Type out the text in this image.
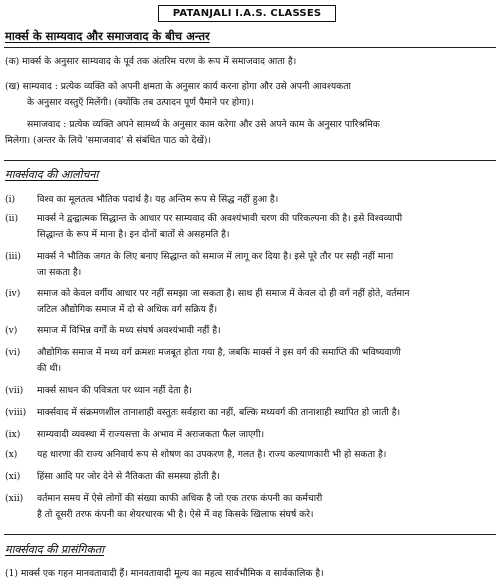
PATANJALI I.A.S. CLASSES
मार्क्स के साम्यवाद और समाजवाद के बीच अन्तर
(क) मार्क्स के अनुसार साम्यवाद के पूर्व तक अंतरिम चरण के रूप में समाजवाद आता है।
(ख) साम्यवाद : प्रत्येक व्यक्ति को अपनी क्षमता के अनुसार कार्य करना होगा और उसे अपनी आवश्यकता
के अनुसार वस्तुएँ मिलेंगी। (क्योंकि तब उत्पादन पूर्ण पैमाने पर होगा)।
समाजवाद : प्रत्येक व्यक्ति अपने सामर्थ्य के अनुसार काम करेगा और उसे अपने काम के अनुसार पारिश्रमिक
मिलेगा। (अन्तर के लिये 'समाजवाद' से संबंधित पाठ को देखें)।
मार्क्सवाद की आलोचना
(i)	विश्व का मूलतत्व भौतिक पदार्थ है। यह अन्तिम रूप से सिद्ध नहीं हुआ है।
(ii)	मार्क्स ने द्वन्द्वात्मक सिद्धान्त के आधार पर साम्यवाद की अवश्यंभावी चरण की परिकल्पना की है। इसे विश्वव्यापी
सिद्धान्त के रूप में माना है। इन दोनों बातों से असहमति है।
(iii)	मार्क्स ने भौतिक जगत के लिए बनाए सिद्धान्त को समाज में लागू कर दिया है। इसे पूरे तौर पर सही नहीं माना
जा सकता है।
(iv)	समाज को केवल वर्गीय आधार पर नहीं समझा जा सकता है। साथ ही समाज में केवल दो ही वर्ग नहीं होते, वर्तमान
जटिल औद्योगिक समाज में दो से अधिक वर्ग सक्रिय हैं।
(v)	समाज में विभिन्न वर्गों के मध्य संघर्ष अवश्यंभावी नहीं है।
(vi)	औद्योगिक समाज में मध्य वर्ग क्रमशः मजबूत होता गया है, जबकि मार्क्स ने इस वर्ग की समाप्ति की भविष्यवाणी
की थी।
(vii)	मार्क्स साधन की पवित्रता पर ध्यान नहीं देता है।
(viii)	मार्क्सवाद में संक्रमणशील तानाशाही वस्तुतः सर्वहारा का नहीं, बल्कि मध्यवर्ग की तानाशाही स्थापित हो जाती है।
(ix)	साम्यवादी व्यवस्था में राज्यसत्ता के अभाव में अराजकता फैल जाएगी।
(x)	यह धारणा की राज्य अनिवार्य रूप से शोषण का उपकरण है, गलत है। राज्य कल्याणकारी भी हो सकता है।
(xi)	हिंसा आदि पर जोर देने से नैतिकता की समस्या होती है।
(xii)	वर्तमान समय में ऐसे लोगों की संख्या काफी अधिक है जो एक तरफ कंपनी का कर्मचारी
है तो दूसरी तरफ कंपनी का शेयरधारक भी है। ऐसे में वह किसके खिलाफ संघर्ष करे।
मार्क्सवाद की प्रासंगिकता
(1) मार्क्स एक गहन मानवतावादी हैं। मानवतावादी मूल्य का महत्व सार्वभौमिक व सार्वकालिक है।
